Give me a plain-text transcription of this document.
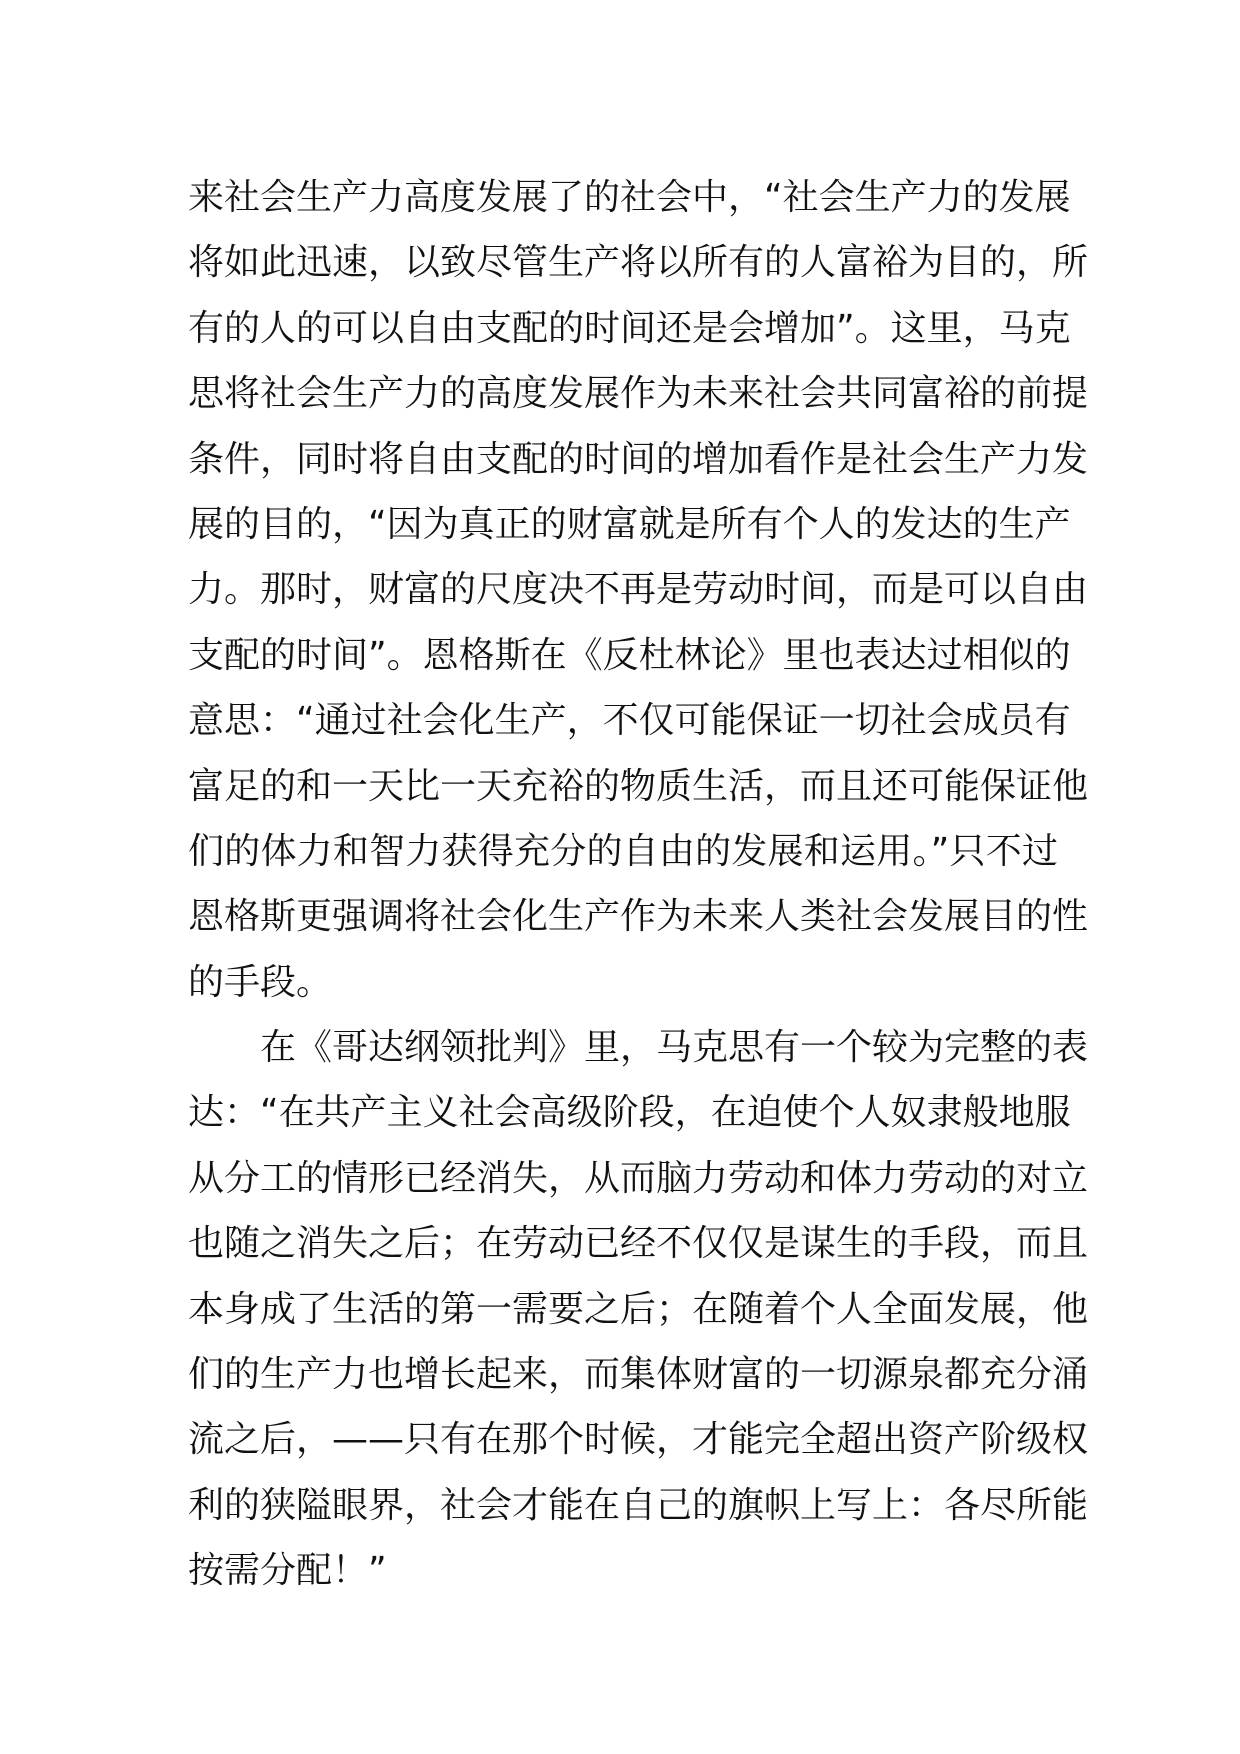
来社会生产力高度发展了的社会中，“社会生产力的发展
将如此迅速，以致尽管生产将以所有的人富裕为目的，所
有的人的可以自由支配的时间还是会增加”。这里，马克
思将社会生产力的高度发展作为未来社会共同富裕的前提
条件，同时将自由支配的时间的增加看作是社会生产力发
展的目的，“因为真正的财富就是所有个人的发达的生产
力。那时，财富的尺度决不再是劳动时间，而是可以自由
支配的时间”。恩格斯在《反杜林论》里也表达过相似的
意思：“通过社会化生产，不仅可能保证一切社会成员有
富足的和一天比一天充裕的物质生活，而且还可能保证他
们的体力和智力获得充分的自由的发展和运用。”只不过
恩格斯更强调将社会化生产作为未来人类社会发展目的性
的手段。
在《哥达纲领批判》里，马克思有一个较为完整的表
达：“在共产主义社会高级阶段，在迫使个人奴隶般地服
从分工的情形已经消失，从而脑力劳动和体力劳动的对立
也随之消失之后；在劳动已经不仅仅是谋生的手段，而且
本身成了生活的第一需要之后；在随着个人全面发展，他
们的生产力也增长起来，而集体财富的一切源泉都充分涌
流之后，——只有在那个时候，才能完全超出资产阶级权
利的狭隘眼界，社会才能在自己的旗帜上写上：各尽所能
按需分配！”
